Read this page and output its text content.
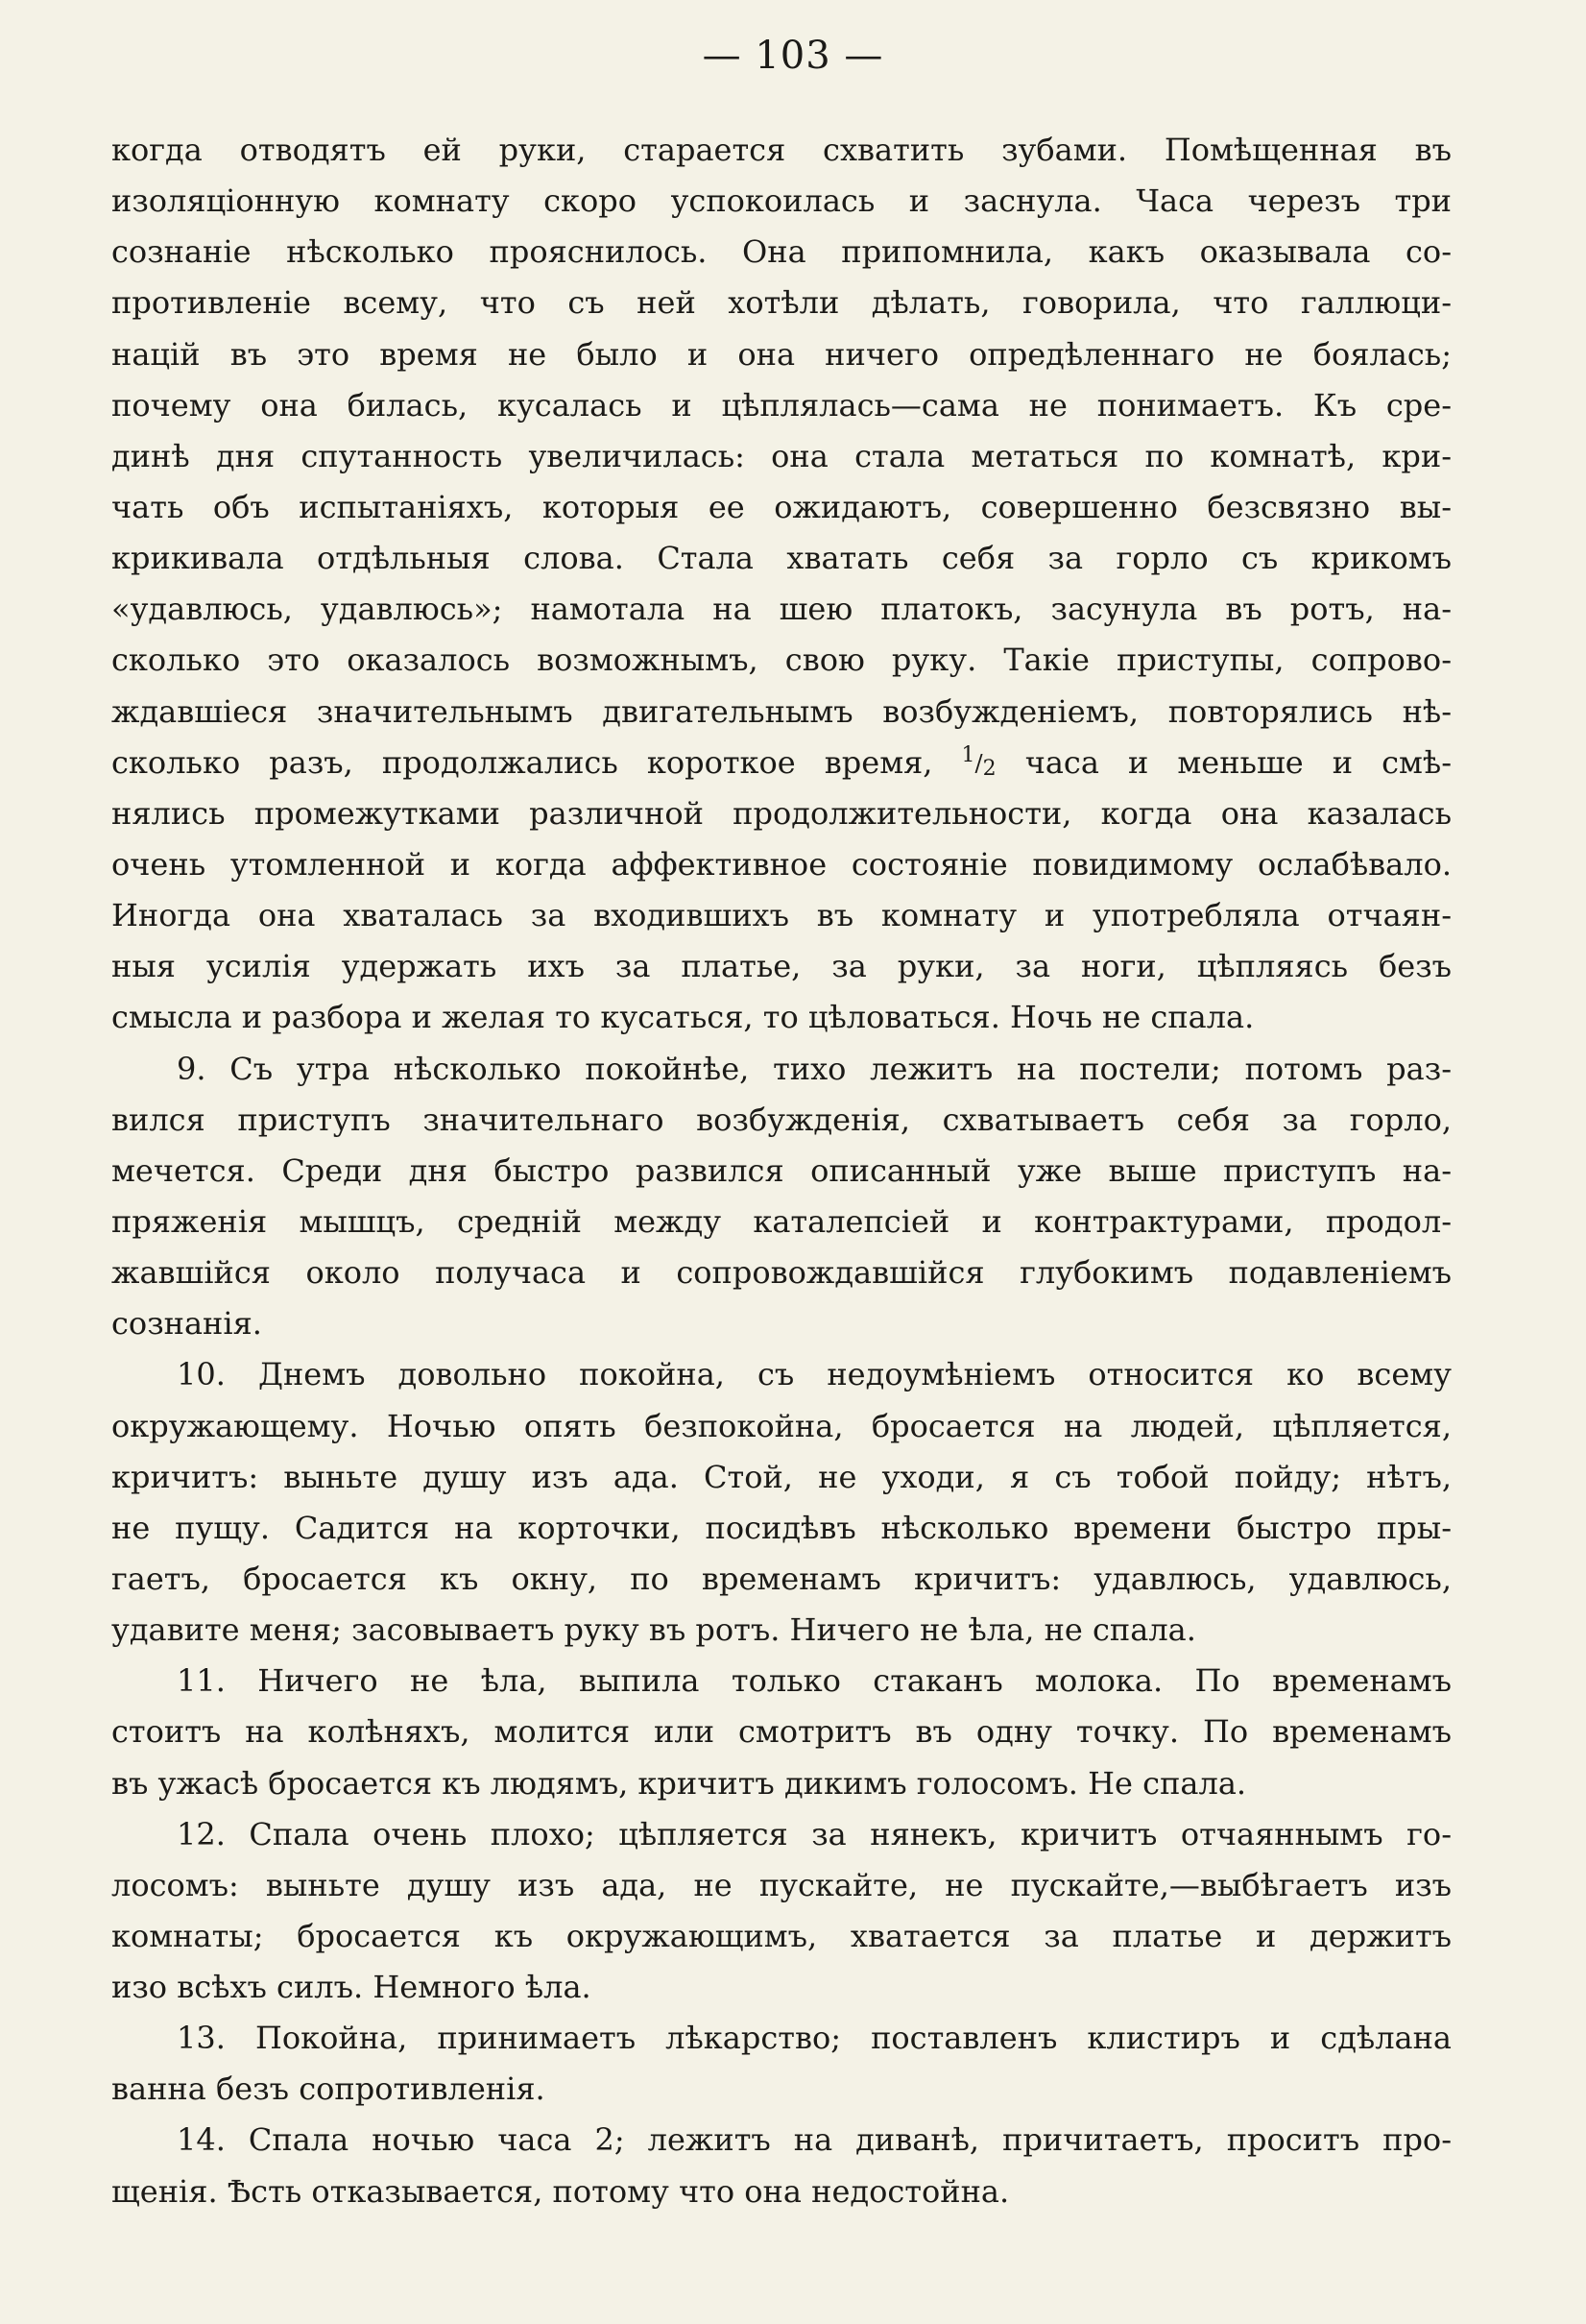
— 103 —
когда отводятъ ей руки, старается схватить зубами. Помѣщенная въ
изоляціонную комнату скоро успокоилась и заснула. Часа черезъ три
сознаніе нѣсколько прояснилось. Она припомнила, какъ оказывала со-
противленіе всему, что съ ней хотѣли дѣлать, говорила, что галлюци-
націй въ это время не было и она ничего опредѣленнаго не боялась;
почему она билась, кусалась и цѣплялась—сама не понимаетъ. Къ сре-
динѣ дня спутанность увеличилась: она стала метаться по комнатѣ, кри-
чать объ испытаніяхъ, которыя ее ожидаютъ, совершенно безсвязно вы-
крикивала отдѣльныя слова. Стала хватать себя за горло съ крикомъ
«удавлюсь, удавлюсь»; намотала на шею платокъ, засунула въ ротъ, на-
сколько это оказалось возможнымъ, свою руку. Такіе приступы, сопрово-
ждавшіеся значительнымъ двигательнымъ возбужденіемъ, повторялись нѣ-
сколько разъ, продолжались короткое время, $^1/_2$ часа и меньше и смѣ-
нялись промежутками различной продолжительности, когда она казалась
очень утомленной и когда аффективное состояніе повидимому ослабѣвало.
Иногда она хваталась за входившихъ въ комнату и употребляла отчаян-
ныя усилія удержать ихъ за платье, за руки, за ноги, цѣпляясь безъ
смысла и разбора и желая то кусаться, то цѣловаться. Ночь не спала.
9. Съ утра нѣсколько покойнѣе, тихо лежитъ на постели; потомъ раз-
вился приступъ значительнаго возбужденія, схватываетъ себя за горло,
мечется. Среди дня быстро развился описанный уже выше приступъ на-
пряженія мышцъ, средній между каталепсіей и контрактурами, продол-
жавшійся около получаса и сопровождавшійся глубокимъ подавленіемъ
сознанія.
10. Днемъ довольно покойна, съ недоумѣніемъ относится ко всему
окружающему. Ночью опять безпокойна, бросается на людей, цѣпляется,
кричитъ: выньте душу изъ ада. Стой, не уходи, я съ тобой пойду; нѣтъ,
не пущу. Садится на корточки, посидѣвъ нѣсколько времени быстро пры-
гаетъ, бросается къ окну, по временамъ кричитъ: удавлюсь, удавлюсь,
удавите меня; засовываетъ руку въ ротъ. Ничего не ѣла, не спала.
11. Ничего не ѣла, выпила только стаканъ молока. По временамъ
стоитъ на колѣняхъ, молится или смотритъ въ одну точку. По временамъ
въ ужасѣ бросается къ людямъ, кричитъ дикимъ голосомъ. Не спала.
12. Спала очень плохо; цѣпляется за нянекъ, кричитъ отчаяннымъ го-
лосомъ: выньте душу изъ ада, не пускайте, не пускайте,—выбѣгаетъ изъ
комнаты; бросается къ окружающимъ, хватается за платье и держитъ
изо всѣхъ силъ. Немного ѣла.
13. Покойна, принимаетъ лѣкарство; поставленъ клистиръ и сдѣлана
ванна безъ сопротивленія.
14. Спала ночью часа 2; лежитъ на диванѣ, причитаетъ, проситъ про-
щенія. Ѣсть отказывается, потому что она недостойна.
